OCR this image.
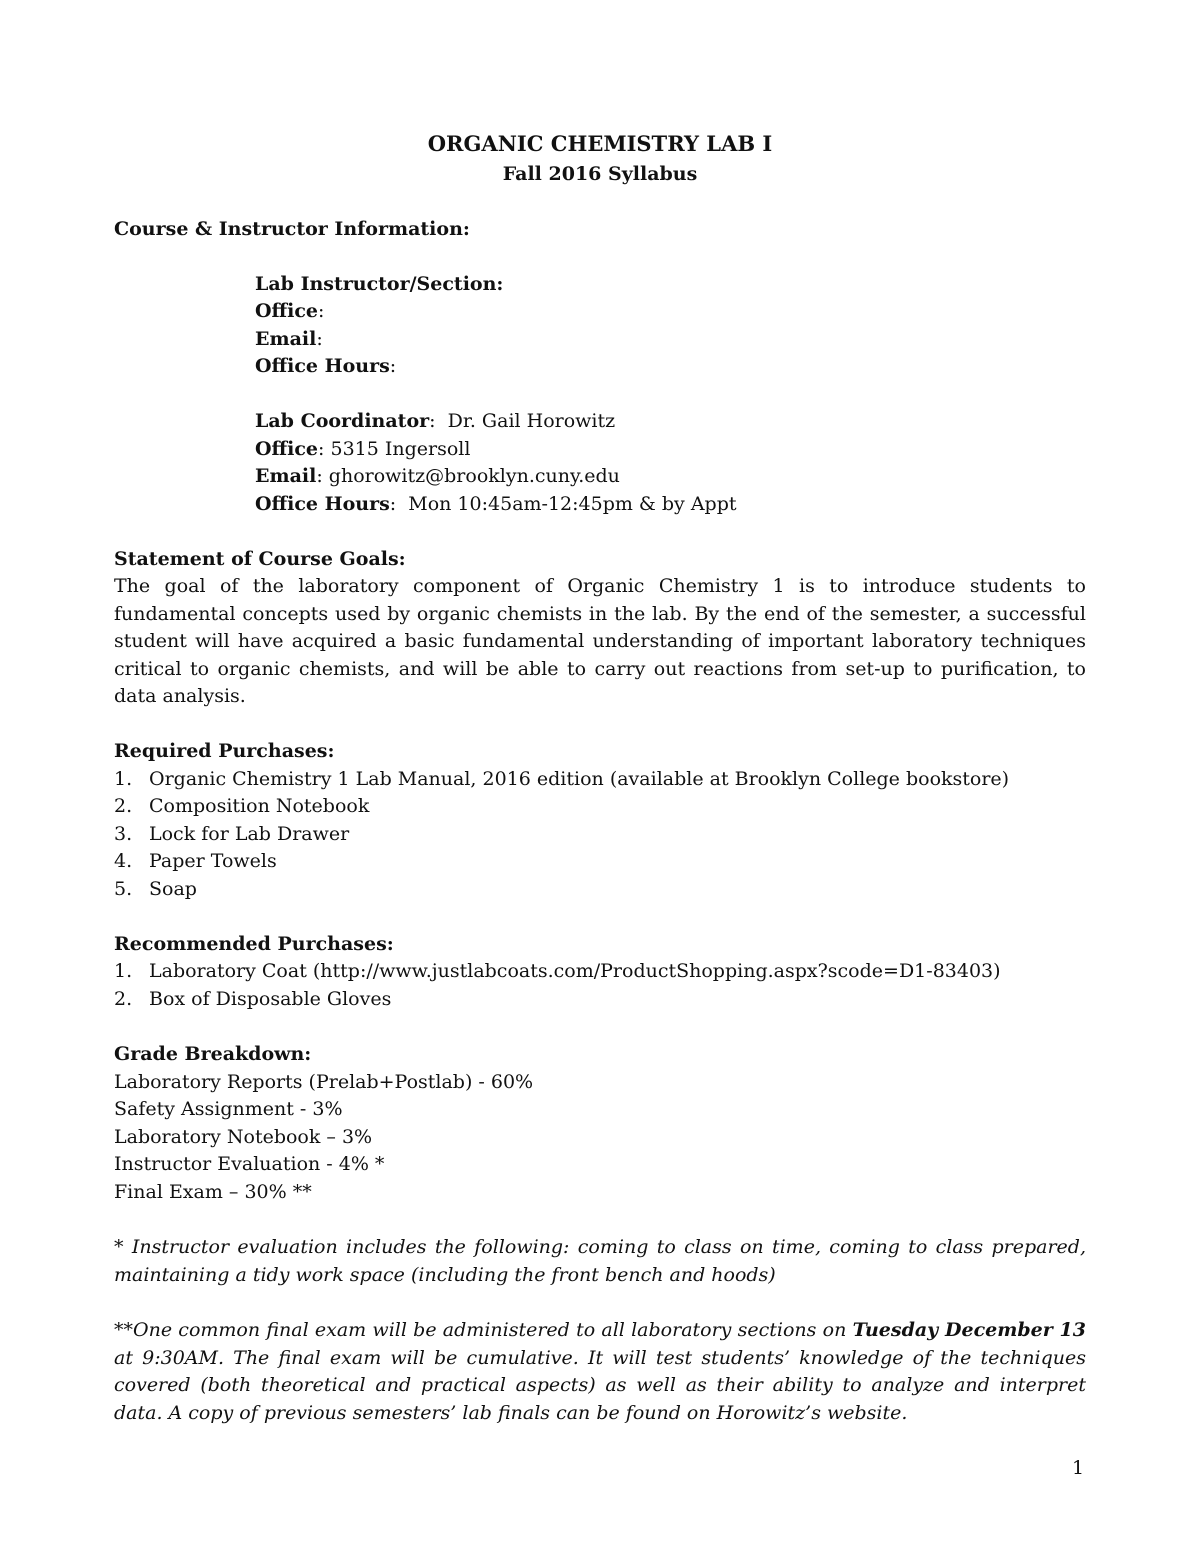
ORGANIC CHEMISTRY LAB I
Fall 2016 Syllabus
Course & Instructor Information:
Lab Instructor/Section:
Office:
Email:
Office Hours:
Lab Coordinator:  Dr. Gail Horowitz
Office: 5315 Ingersoll
Email: ghorowitz@brooklyn.cuny.edu
Office Hours:  Mon 10:45am-12:45pm & by Appt
Statement of Course Goals:
The goal of the laboratory component of Organic Chemistry 1 is to introduce students to fundamental concepts used by organic chemists in the lab. By the end of the semester, a successful student will have acquired a basic fundamental understanding of important laboratory techniques critical to organic chemists, and will be able to carry out reactions from set-up to purification, to data analysis.
Required Purchases:
1. Organic Chemistry 1 Lab Manual, 2016 edition (available at Brooklyn College bookstore)
2. Composition Notebook
3. Lock for Lab Drawer
4. Paper Towels
5. Soap
Recommended Purchases:
1. Laboratory Coat (http://www.justlabcoats.com/ProductShopping.aspx?scode=D1-83403)
2. Box of Disposable Gloves
Grade Breakdown:
Laboratory Reports (Prelab+Postlab) - 60%
Safety Assignment - 3%
Laboratory Notebook – 3%
Instructor Evaluation - 4% *
Final Exam – 30% **
* Instructor evaluation includes the following: coming to class on time, coming to class prepared, maintaining a tidy work space (including the front bench and hoods)
**One common final exam will be administered to all laboratory sections on Tuesday December 13 at 9:30AM. The final exam will be cumulative. It will test students’ knowledge of the techniques covered (both theoretical and practical aspects) as well as their ability to analyze and interpret data. A copy of previous semesters’ lab finals can be found on Horowitz’s website.
1
